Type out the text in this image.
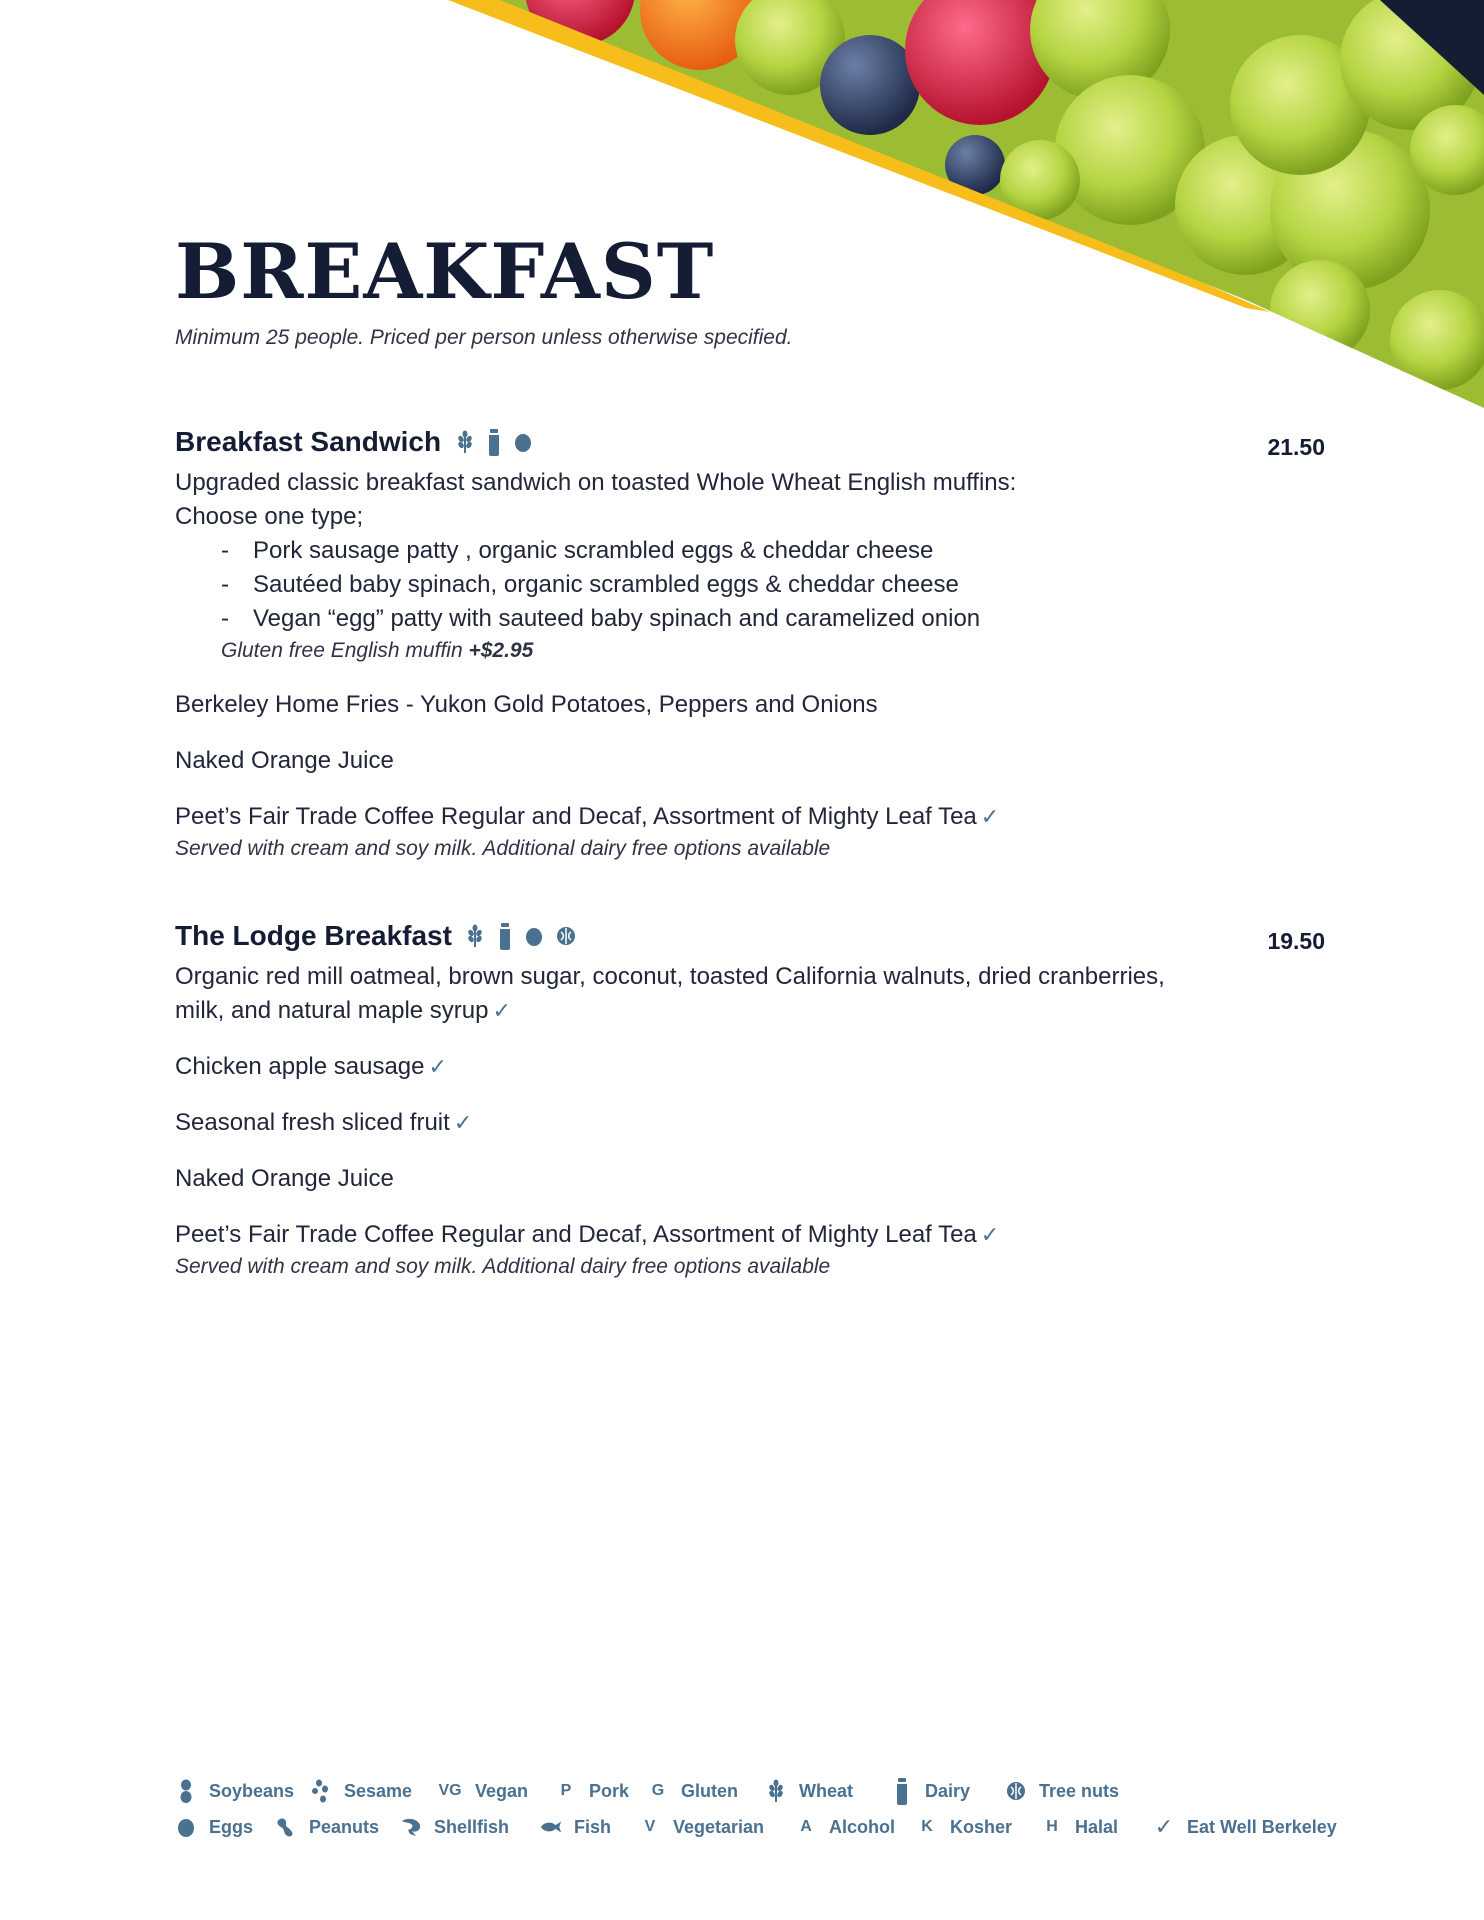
BREAKFAST

Minimum 25 people. Priced per person unless otherwise specified.

Breakfast Sandwich

	21.50

Upgraded classic breakfast sandwich on toasted Whole Wheat English muffins:

Choose one type;

- Pork sausage patty , organic scrambled eggs & cheddar cheese

- Sautéed baby spinach, organic scrambled eggs & cheddar cheese

- Vegan “egg” patty with sauteed baby spinach and caramelized onion

Gluten free English muffin +$2.95

Berkeley Home Fries - Yukon Gold Potatoes, Peppers and Onions

Naked Orange Juice

Peet’s Fair Trade Coffee Regular and Decaf, Assortment of Mighty Leaf Tea ✓

Served with cream and soy milk. Additional dairy free options available

The Lodge Breakfast

	19.50

Organic red mill oatmeal, brown sugar, coconut, toasted California walnuts, dried cranberries,

milk, and natural maple syrup ✓

Chicken apple sausage ✓

Seasonal fresh sliced fruit ✓

Naked Orange Juice

Peet’s Fair Trade Coffee Regular and Decaf, Assortment of Mighty Leaf Tea ✓

Served with cream and soy milk. Additional dairy free options available

Soybeans	Sesame VG Vegan	P Pork G Gluten	Wheat	Dairy	Tree nuts
Eggs	Peanuts	Shellfish	Fish	V Vegetarian	A Alcohol	K Kosher	H Halal ✓ Eat Well Berkeley
